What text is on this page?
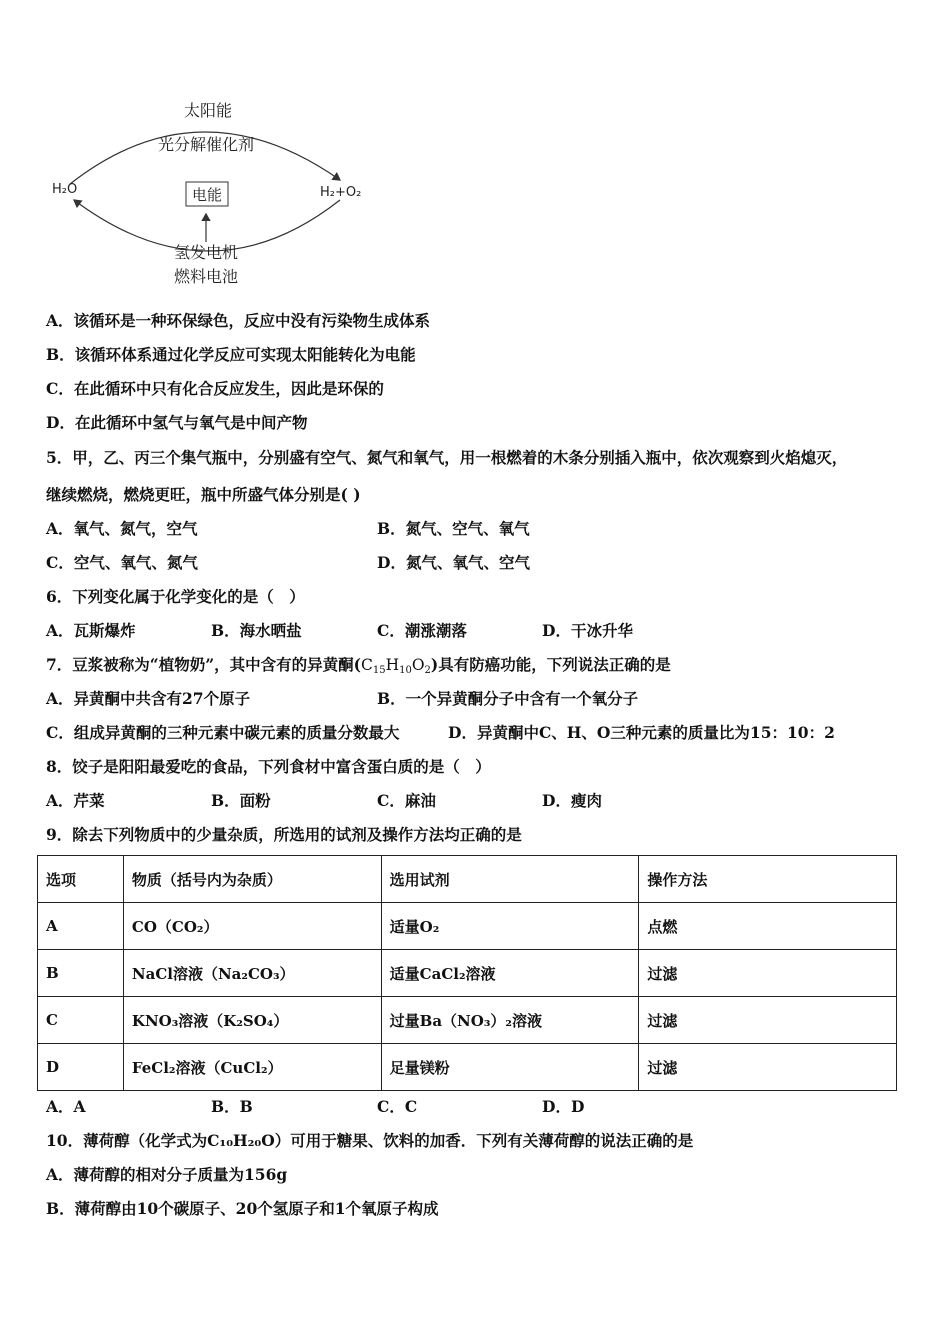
太阳能
光分解催化剂
H₂O	H₂+O₂
电能
氢发电机
燃料电池
A．该循环是一种环保绿色，反应中没有污染物生成体系
B．该循环体系通过化学反应可实现太阳能转化为电能
C．在此循环中只有化合反应发生，因此是环保的
D．在此循环中氢气与氧气是中间产物
5．甲，乙、丙三个集气瓶中，分别盛有空气、氮气和氧气，用一根燃着的木条分别插入瓶中，依次观察到火焰熄灭，
继续燃烧，燃烧更旺，瓶中所盛气体分别是( )
A．氧气、氮气，空气	B．氮气、空气、氧气
C．空气、氧气、氮气	D．氮气、氧气、空气
6．下列变化属于化学变化的是（　）
A．瓦斯爆炸	B．海水晒盐	C．潮涨潮落	D．干冰升华
7．豆浆被称为“植物奶”，其中含有的异黄酮$(C_{15}H_{10}O_2)$具有防癌功能，下列说法正确的是
A．异黄酮中共含有27个原子	B．一个异黄酮分子中含有一个氧分子
C．组成异黄酮的三种元素中碳元素的质量分数最大	D．异黄酮中C、H、O三种元素的质量比为15：10：2
8．饺子是阳阳最爱吃的食品，下列食材中富含蛋白质的是（　）
A．芹菜	B．面粉	C．麻油	D．瘦肉
9．除去下列物质中的少量杂质，所选用的试剂及操作方法均正确的是
选项	物质（括号内为杂质）	选用试剂	操作方法
A	CO（CO₂）	适量O₂	点燃
B	NaCl溶液（Na₂CO₃）	适量CaCl₂溶液	过滤
C	KNO₃溶液（K₂SO₄）	过量Ba（NO₃）₂溶液	过滤
D	FeCl₂溶液（CuCl₂）	足量镁粉	过滤
A．A	B．B	C．C	D．D
10．薄荷醇（化学式为C₁₀H₂₀O）可用于糖果、饮料的加香．下列有关薄荷醇的说法正确的是
A．薄荷醇的相对分子质量为156g
B．薄荷醇由10个碳原子、20个氢原子和1个氧原子构成
